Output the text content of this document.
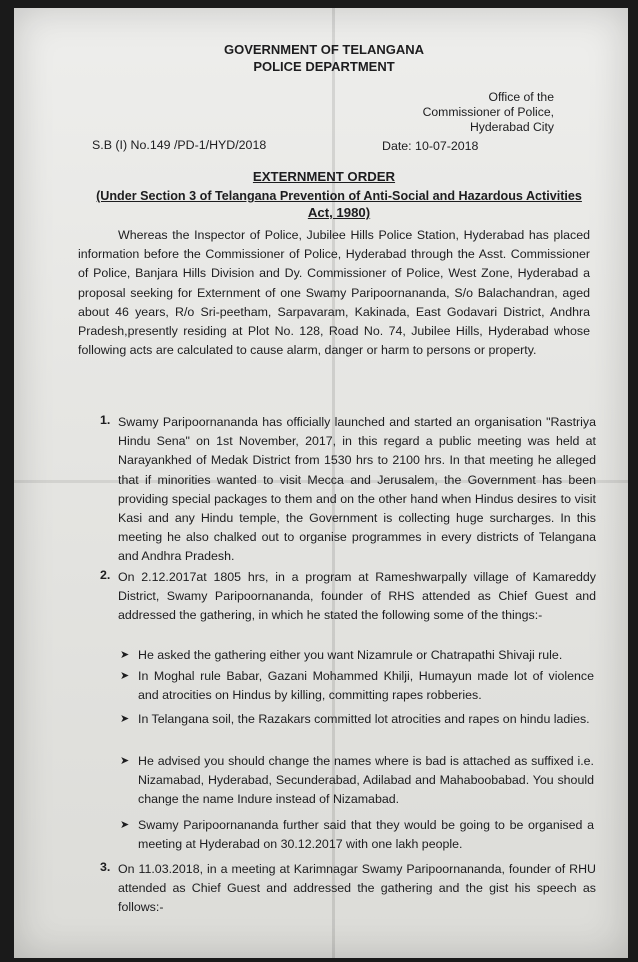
GOVERNMENT OF TELANGANA
POLICE DEPARTMENT
Office of the
Commissioner of Police,
Hyderabad City
S.B (I) No.149 /PD-1/HYD/2018	Date: 10-07-2018
EXTERNMENT ORDER
(Under Section 3 of Telangana Prevention of Anti-Social and Hazardous Activities
Act, 1980)
Whereas the Inspector of Police, Jubilee Hills Police Station, Hyderabad has placed information before the Commissioner of Police, Hyderabad through the Asst. Commissioner of Police, Banjara Hills Division and Dy. Commissioner of Police, West Zone, Hyderabad a proposal seeking for Externment of one Swamy Paripoornananda, S/o Balachandran, aged about 46 years, R/o Sri-peetham, Sarpavaram, Kakinada, East Godavari District, Andhra Pradesh,presently residing at Plot No. 128, Road No. 74, Jubilee Hills, Hyderabad whose following acts are calculated to cause alarm, danger or harm to persons or property.
1. Swamy Paripoornananda has officially launched and started an organisation "Rastriya Hindu Sena" on 1st November, 2017, in this regard a public meeting was held at Narayankhed of Medak District from 1530 hrs to 2100 hrs. In that meeting he alleged that if minorities wanted to visit Mecca and Jerusalem, the Government has been providing special packages to them and on the other hand when Hindus desires to visit Kasi and any Hindu temple, the Government is collecting huge surcharges. In this meeting he also chalked out to organise programmes in every districts of Telangana and Andhra Pradesh.
2. On 2.12.2017at 1805 hrs, in a program at Rameshwarpally village of Kamareddy District, Swamy Paripoornananda, founder of RHS attended as Chief Guest and addressed the gathering, in which he stated the following some of the things:-
➤ He asked the gathering either you want Nizamrule or Chatrapathi Shivaji rule.
➤ In Moghal rule Babar, Gazani Mohammed Khilji, Humayun made lot of violence and atrocities on Hindus by killing, committing rapes robberies.
➤ In Telangana soil, the Razakars committed lot atrocities and rapes on hindu ladies.
➤ He advised you should change the names where is bad is attached as suffixed i.e. Nizamabad, Hyderabad, Secunderabad, Adilabad and Mahaboobabad. You should change the name Indure instead of Nizamabad.
➤ Swamy Paripoornananda further said that they would be going to be organised a meeting at Hyderabad on 30.12.2017 with one lakh people.
3. On 11.03.2018, in a meeting at Karimnagar Swamy Paripoornananda, founder of RHU attended as Chief Guest and addressed the gathering and the gist his speech as follows:-
